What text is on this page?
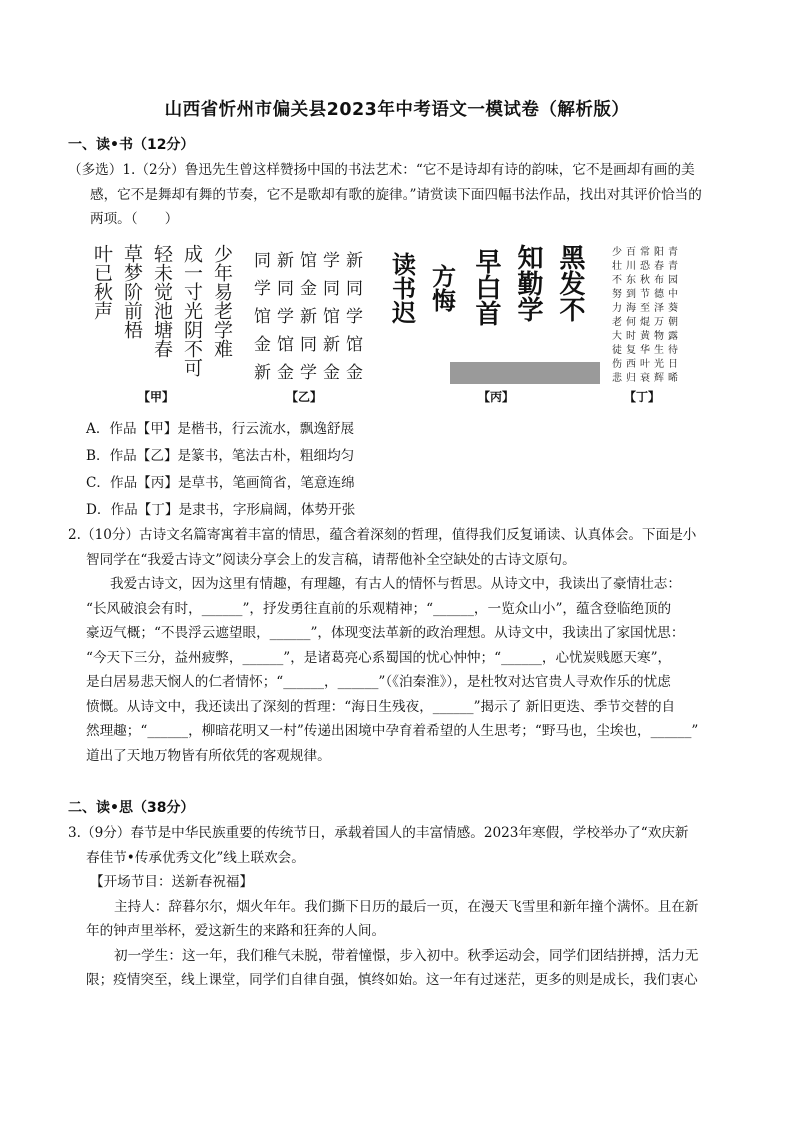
山西省忻州市偏关县2023年中考语文一模试卷（解析版）
一、读•书（12分）
（多选）1.（2分）鲁迅先生曾这样赞扬中国的书法艺术：“它不是诗却有诗的韵味，它不是画却有画的美
感，它不是舞却有舞的节奏，它不是歌却有歌的旋律。”请赏读下面四幅书法作品，找出对其评价恰当的
两项。（　　）
少年易老学难
成一寸光阴不可
轻未觉池塘春
草梦阶前梧
叶已秋声
【甲】
同 新 馆 学 新
学 同 金 同 同
馆 学 新 馆 学
金 馆 同 新 馆
新 金 学 金 金
【乙】
黑发不
知勤学
早白首
方悔
读书迟
【丙】
少
壮
不
努
力
老
大
徒
伤
悲
百
川
东
到
海
何
时
复
西
归
常
恐
秋
节
至
焜
黄
华
叶
衰
阳
春
布
德
泽
万
物
生
光
辉
青
青
园
中
葵
朝
露
待
日
晞
【丁】
A．作品【甲】是楷书，行云流水，飘逸舒展
B．作品【乙】是篆书，笔法古朴，粗细均匀
C．作品【丙】是草书，笔画简省，笔意连绵
D．作品【丁】是隶书，字形扁阔，体势开张
2.（10分）古诗文名篇寄寓着丰富的情思，蕴含着深刻的哲理，值得我们反复诵读、认真体会。下面是小
智同学在“我爱古诗文”阅读分享会上的发言稿，请帮他补全空缺处的古诗文原句。
我爱古诗文，因为这里有情趣，有理趣，有古人的情怀与哲思。从诗文中，我读出了豪情壮志：
“长风破浪会有时，______”，抒发勇往直前的乐观精神；“______，一览众山小”，蕴含登临绝顶的
豪迈气概；“不畏浮云遮望眼，______”，体现变法革新的政治理想。从诗文中，我读出了家国忧思：
“今天下三分，益州疲弊，______”，是诸葛亮心系蜀国的忧心忡忡；“______，心忧炭贱愿天寒”，
是白居易悲天悯人的仁者情怀；“______，______”（《泊秦淮》），是杜牧对达官贵人寻欢作乐的忧虑
愤慨。从诗文中，我还读出了深刻的哲理：“海日生残夜，______”揭示了 新旧更迭、季节交替的自
然理趣；“______，柳暗花明又一村”传递出困境中孕育着希望的人生思考；“野马也，尘埃也，______”
道出了天地万物皆有所依凭的客观规律。
二、读•思（38分）
3.（9分）春节是中华民族重要的传统节日，承载着国人的丰富情感。2023年寒假，学校举办了“欢庆新
春佳节•传承优秀文化”线上联欢会。
【开场节目：送新春祝福】
主持人：辞暮尔尔，烟火年年。我们撕下日历的最后一页，在漫天飞雪里和新年撞个满怀。且在新
年的钟声里举杯，爱这新生的来路和狂奔的人间。
初一学生：这一年，我们稚气未脱，带着憧憬，步入初中。秋季运动会，同学们团结拼搏，活力无
限；疫情突至，线上课堂，同学们自律自强，慎终如始。这一年有过迷茫，更多的则是成长，我们衷心
